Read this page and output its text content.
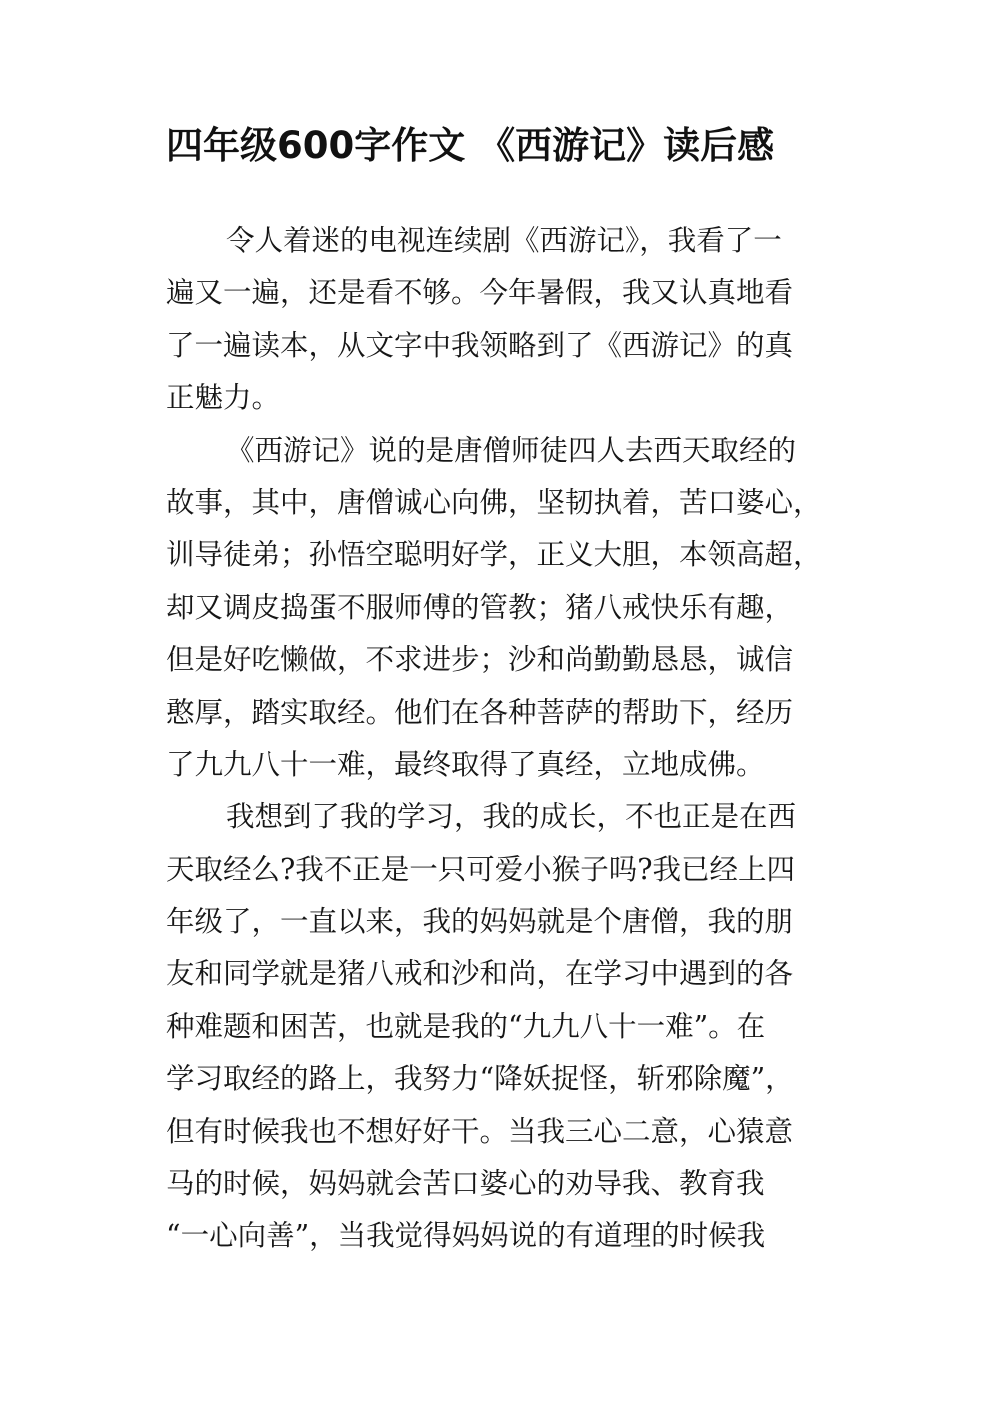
四年级600字作文 《西游记》读后感
令人着迷的电视连续剧《西游记》，我看了一
遍又一遍，还是看不够。今年暑假，我又认真地看
了一遍读本，从文字中我领略到了《西游记》的真
正魅力。
《西游记》说的是唐僧师徒四人去西天取经的
故事，其中，唐僧诚心向佛，坚韧执着，苦口婆心，
训导徒弟；孙悟空聪明好学，正义大胆，本领高超，
却又调皮捣蛋不服师傅的管教；猪八戒快乐有趣，
但是好吃懒做，不求进步；沙和尚勤勤恳恳，诚信
憨厚，踏实取经。他们在各种菩萨的帮助下，经历
了九九八十一难，最终取得了真经，立地成佛。
我想到了我的学习，我的成长，不也正是在西
天取经么?我不正是一只可爱小猴子吗?我已经上四
年级了，一直以来，我的妈妈就是个唐僧，我的朋
友和同学就是猪八戒和沙和尚，在学习中遇到的各
种难题和困苦，也就是我的“九九八十一难”。在
学习取经的路上，我努力“降妖捉怪，斩邪除魔”，
但有时候我也不想好好干。当我三心二意，心猿意
马的时候，妈妈就会苦口婆心的劝导我、教育我
“一心向善”，当我觉得妈妈说的有道理的时候我
